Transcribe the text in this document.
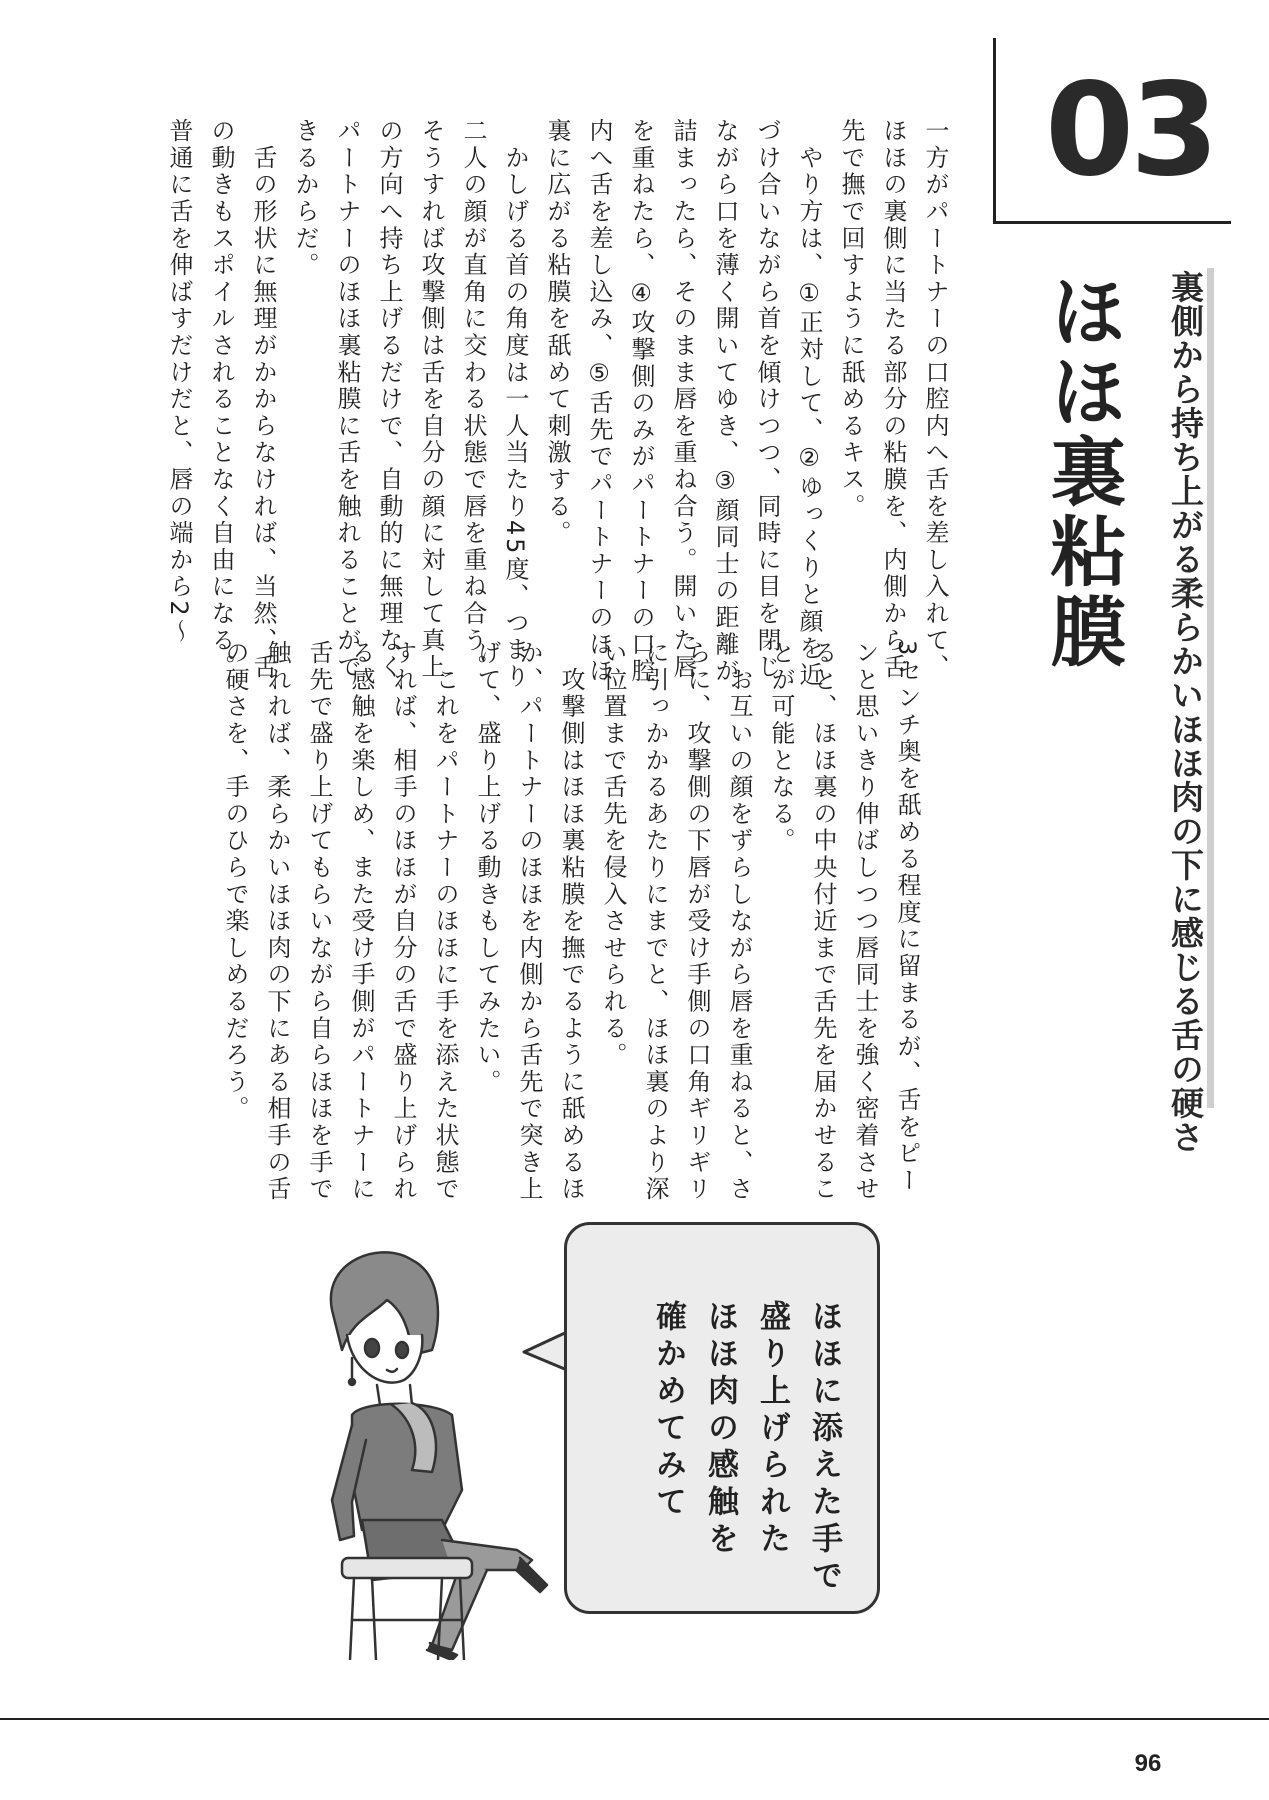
03
ほほ裏粘膜 裏側から持ち上がる柔らかいほほ肉の下に感じる舌の硬さ
一方がパートナーの口腔内へ舌を差し入れて、
ほほの裏側に当たる部分の粘膜を、内側から舌
先で撫で回すように舐めるキス。
　やり方は、①正対して、②ゆっくりと顔を近
づけ合いながら首を傾けつつ、同時に目を閉じ
ながら口を薄く開いてゆき、③顔同士の距離が
詰まったら、そのまま唇を重ね合う。開いた唇
を重ねたら、④攻撃側のみがパートナーの口腔
内へ舌を差し込み、⑤舌先でパートナーのほほ
裏に広がる粘膜を舐めて刺激する。
　かしげる首の角度は一人当たり45度、つまり
二人の顔が直角に交わる状態で唇を重ね合う。
そうすれば攻撃側は舌を自分の顔に対して真上
の方向へ持ち上げるだけで、自動的に無理なく
パートナーのほほ裏粘膜に舌を触れることがで
きるからだ。
　舌の形状に無理がかからなければ、当然、舌
の動きもスポイルされることなく自由になる。
普通に舌を伸ばすだけだと、唇の端から2～
3センチ奥を舐める程度に留まるが、舌をピー
ンと思いきり伸ばしつつ唇同士を強く密着させ
ると、ほほ裏の中央付近まで舌先を届かせるこ
とが可能となる。
　お互いの顔をずらしながら唇を重ねると、さ
らに、攻撃側の下唇が受け手側の口角ギリギリ
に引っかかるあたりにまでと、ほほ裏のより深
い位置まで舌先を侵入させられる。
　攻撃側はほほ裏粘膜を撫でるように舐めるほ
か、パートナーのほほを内側から舌先で突き上
げて、盛り上げる動きもしてみたい。
　これをパートナーのほほに手を添えた状態で
すれば、相手のほほが自分の舌で盛り上げられ
る感触を楽しめ、また受け手側がパートナーに
舌先で盛り上げてもらいながら自らほほを手で
触れれば、柔らかいほほ肉の下にある相手の舌
の硬さを、手のひらで楽しめるだろう。
ほほに添えた手で
盛り上げられた
ほほ肉の感触を
確かめてみて
96
